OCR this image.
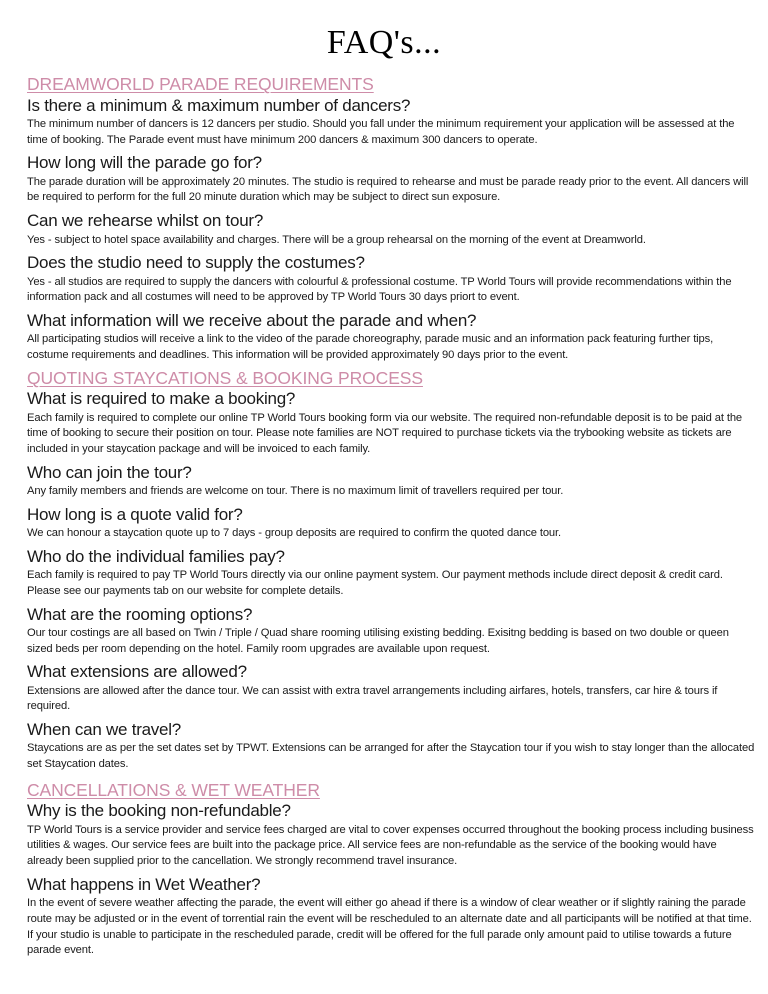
FAQ's...
DREAMWORLD PARADE REQUIREMENTS
Is there a minimum & maximum number of dancers?

The minimum number of dancers is 12 dancers per studio. Should you fall under the minimum requirement your application will be assessed at the time of booking. The Parade event must have minimum 200 dancers & maximum 300 dancers to operate.

How long will the parade go for?

The parade duration will be approximately 20 minutes. The studio is required to rehearse and must be parade ready prior to the event. All dancers will be required to perform for the full 20 minute duration which may be subject to direct sun exposure.

Can we rehearse whilst on tour?

Yes - subject to hotel space availability and charges. There will be a group rehearsal on the morning of the event at Dreamworld.

Does the studio need to supply the costumes?

Yes - all studios are required to supply the dancers with colourful & professional costume. TP World Tours will provide recommendations within the information pack and all costumes will need to be approved by TP World Tours 30 days priort to event.

What information will we receive about the parade and when?

All participating studios will receive a link to the video of the parade choreography, parade music and an information pack featuring further tips, costume requirements and deadlines. This information will be provided approximately 90 days prior to the event.

QUOTING STAYCATIONS & BOOKING PROCESS
What is required to make a booking?

Each family is required to complete our online TP World Tours booking form via our website. The required non-refundable deposit is to be paid at the time of booking to secure their position on tour. Please note families are NOT required to purchase tickets via the trybooking website as tickets are included in your staycation package and will be invoiced to each family.

Who can join the tour?

Any family members and friends are welcome on tour. There is no maximum limit of travellers required per tour.

How long is a quote valid for?

We can honour a staycation quote up to 7 days - group deposits are required to confirm the quoted dance tour.

Who do the individual families pay?

Each family is required to pay TP World Tours directly via our online payment system. Our payment methods include direct deposit & credit card. Please see our payments tab on our website for complete details.

What are the rooming options?

Our tour costings are all based on Twin / Triple / Quad share rooming utilising existing bedding. Exisitng bedding is based on two double or queen sized beds per room depending on the hotel. Family room upgrades are available upon request.

What extensions are allowed?

Extensions are allowed after the dance tour. We can assist with extra travel arrangements including airfares, hotels, transfers, car hire & tours if required.

When can we travel?

Staycations are as per the set dates set by TPWT. Extensions can be arranged for after the Staycation tour if you wish to stay longer than the allocated set Staycation dates.

CANCELLATIONS & WET WEATHER
Why is the booking non-refundable?

TP World Tours is a service provider and service fees charged are vital to cover expenses occurred throughout the booking process including business utilities & wages. Our service fees are built into the package price. All service fees are non-refundable as the service of the booking would have already been supplied prior to the cancellation. We strongly recommend travel insurance.

What happens in Wet Weather?

In the event of severe weather affecting the parade, the event will either go ahead if there is a window of clear weather or if slightly raining the parade route may be adjusted or in the event of torrential rain the event will be rescheduled to an alternate date and all participants will be notified at that time. If your studio is unable to participate in the rescheduled parade, credit will be offered for the full parade only amount paid to utilise towards a future parade event.
